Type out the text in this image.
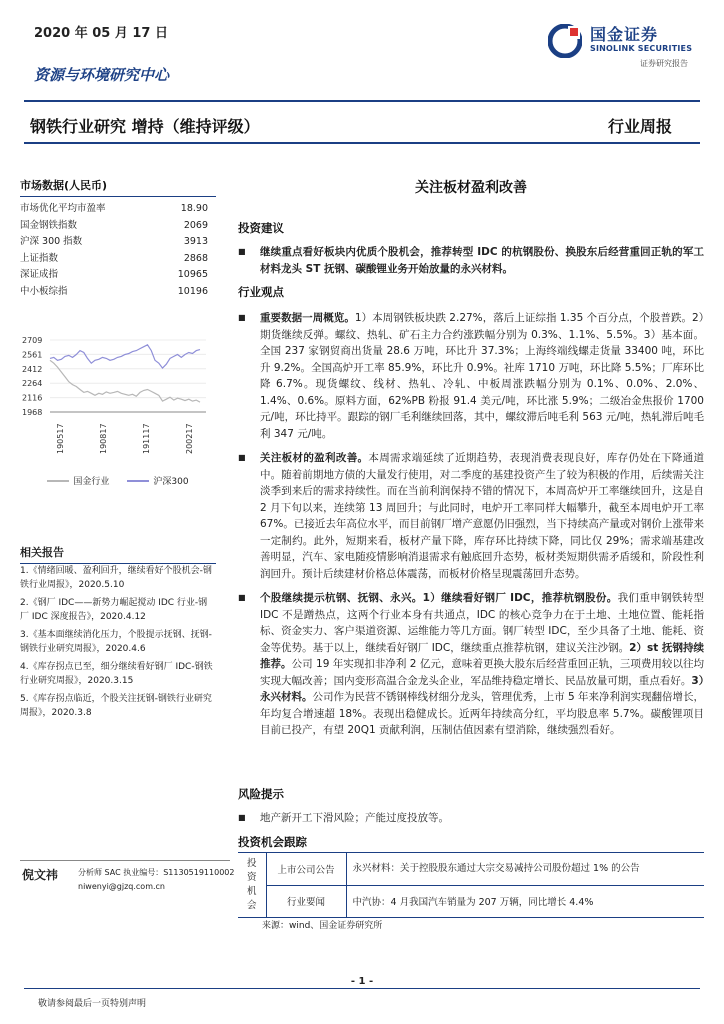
2020 年 05 月 17 日	国金证券
SINOLINK SECURITIES
证券研究报告
资源与环境研究中心
钢铁行业研究 增持（维持评级）	行业周报
市场数据(人民币)
市场优化平均市盈率	18.90
国金钢铁指数	2069
沪深 300 指数	3913
上证指数	2868
深证成指	10965
中小板综指	10196
2709
2561
2412
2264
2116
1968
190517	190817	191117	200217
国金行业	沪深300
相关报告
1.《情绪回暖、盈利回升，继续看好个股机会-钢铁行业周报》，2020.5.10
2.《钢厂 IDC——新势力崛起搅动 IDC 行业-钢厂 IDC 深度报告》，2020.4.12
3.《基本面继续消化压力，个股提示抚钢、抚钢-钢铁行业研究周报》，2020.4.6
4.《库存拐点已至，细分继续看好钢厂 IDC-钢铁行业研究周报》，2020.3.15
5.《库存拐点临近，个股关注抚钢-钢铁行业研究周报》，2020.3.8
关注板材盈利改善
投资建议
■ 继续重点看好板块内优质个股机会，推荐转型 IDC 的杭钢股份、换股东后经营重回正轨的军工材料龙头 ST 抚钢、碳酸锂业务开始放量的永兴材料。
行业观点
■ 重要数据一周概览。1）本周钢铁板块跌 2.27%，落后上证综指 1.35 个百分点，个股普跌。2）期货继续反弹。螺纹、热轧、矿石主力合约涨跌幅分别为 0.3%、1.1%、5.5%。3）基本面。全国 237 家钢贸商出货量 28.6 万吨，环比升 37.3%；上海终端线螺走货量 33400 吨，环比升 9.2%。全国高炉开工率 85.9%，环比升 0.9%。社库 1710 万吨，环比降 5.5%；厂库环比降 6.7%。现货螺纹、线材、热轧、冷轧、中板周涨跌幅分别为 0.1%、0.0%、2.0%、1.4%、0.6%。原料方面，62%PB 粉报 91.4 美元/吨，环比涨 5.9%；二级冶金焦报价 1700 元/吨，环比持平。跟踪的钢厂毛利继续回落，其中，螺纹滞后吨毛利 563 元/吨，热轧滞后吨毛利 347 元/吨。
■ 关注板材的盈利改善。本周需求端延续了近期趋势，表现消费表现良好，库存仍处在下降通道中。随着前期地方债的大量发行使用，对二季度的基建投资产生了较为积极的作用，后续需关注淡季到来后的需求持续性。而在当前利润保持不错的情况下，本周高炉开工率继续回升，这是自 2 月下旬以来，连续第 13 周回升；与此同时，电炉开工率同样大幅攀升，截至本周电炉开工率 67%。已接近去年高位水平，而目前钢厂增产意愿仍旧强烈，当下持续高产量或对钢价上涨带来一定制约。此外，短期来看，板材产量下降，库存环比持续下降，同比仅 29%；需求端基建改善明显，汽车、家电随疫情影响消退需求有触底回升态势，板材类短期供需矛盾缓和，阶段性利润回升。预计后续建材价格总体震荡，而板材价格呈现震荡回升态势。
■ 个股继续提示杭钢、抚钢、永兴。1）继续看好钢厂 IDC，推荐杭钢股份。我们重申钢铁转型 IDC 不是蹭热点，这两个行业本身有共通点，IDC 的核心竞争力在于土地、土地位置、能耗指标、资金实力、客户渠道资源、运维能力等几方面。钢厂转型 IDC，至少具备了土地、能耗、资金等优势。基于以上，继续看好钢厂 IDC，继续重点推荐杭钢，建议关注沙钢。2）st 抚钢持续推荐。公司 19 年实现扣非净利 2 亿元，意味着更换大股东后经营重回正轨，三项费用较以往均实现大幅改善；国内变形高温合金龙头企业，军品维持稳定增长、民品放量可期，重点看好。3）永兴材料。公司作为民营不锈钢棒线材细分龙头，管理优秀，上市 5 年来净利润实现翻倍增长，年均复合增速超 18%。表现出稳健成长。近两年持续高分红，平均股息率 5.7%。碳酸锂项目目前已投产，有望 20Q1 贡献利润，压制估值因素有望消除，继续强烈看好。
风险提示
■ 地产新开工下滑风险；产能过度投放等。
投资机会跟踪
倪文祎 分析师 SAC 执业编号：S1130519110002
niwenyi@gjzq.com.cn
投资机会	上市公司公告	永兴材料：关于控股股东通过大宗交易减持公司股份超过 1% 的公告
	行业要闻	中汽协：4 月我国汽车销量为 207 万辆，同比增长 4.4%
来源：wind、国金证券研究所
- 1 -
敬请参阅最后一页特别声明
